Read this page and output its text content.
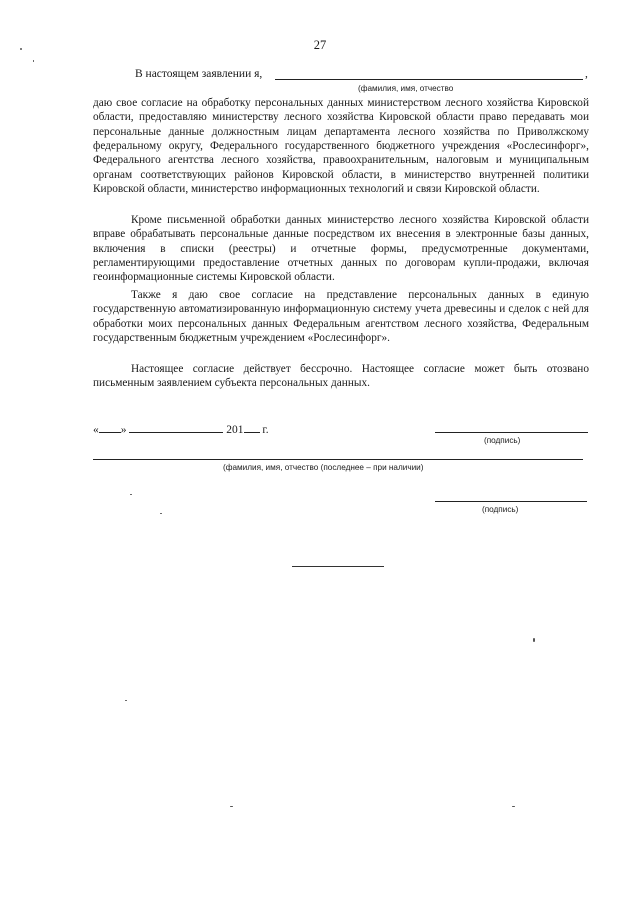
27
В настоящем заявлении я,	,
(фамилия, имя, отчество

даю свое согласие на обработку персональных данных министерством лесного хозяйства Кировской области, предоставляю министерству лесного хозяйства Кировской области право передавать мои персональные данные должностным лицам департамента лесного хозяйства по Приволжскому федеральному округу, Федерального государственного бюджетного учреждения «Рослесинфорг», Федерального агентства лесного хозяйства, правоохранительным, налоговым и муниципальным органам соответствующих районов Кировской области, в министерство внутренней политики Кировской области, министерство информационных технологий и связи Кировской области.

Кроме письменной обработки данных министерство лесного хозяйства Кировской области вправе обрабатывать персональные данные посредством их внесения в электронные базы данных, включения в списки (реестры) и отчетные формы, предусмотренные документами, регламентирующими предоставление отчетных данных по договорам купли-продажи, включая геоинформационные системы Кировской области.

Также я даю свое согласие на представление персональных данных в единую государственную автоматизированную информационную систему учета древесины и сделок с ней для обработки моих персональных данных Федеральным агентством лесного хозяйства, Федеральным государственным бюджетным учреждением «Рослесинфорг».

Настоящее согласие действует бессрочно. Настоящее согласие может быть отозвано письменным заявлением субъекта персональных данных.

« »	201 г.
(подпись)
(фамилия, имя, отчество (последнее – при наличии)
(подпись)
